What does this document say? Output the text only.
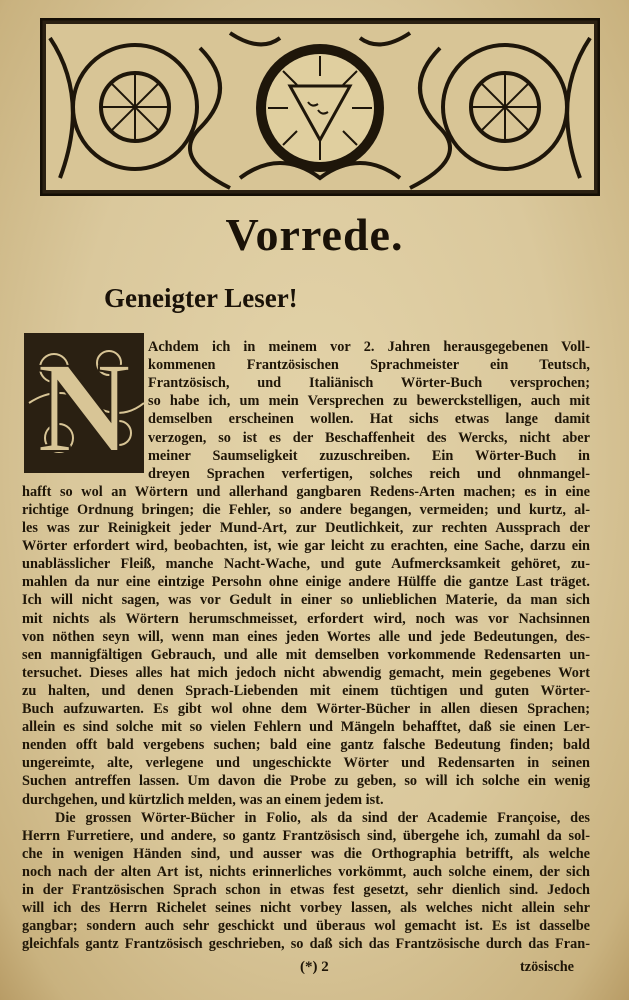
Vorrede.
Geneigter Leser!
N Achdem ich in meinem vor 2. Jahren herausgegebenen Voll-
kommenen Frantzösischen Sprachmeister ein Teutsch,
Frantzösisch, und Italiänisch Wörter-Buch versprochen;
so habe ich, um mein Versprechen zu bewerckstelligen, auch mit
demselben erscheinen wollen. Hat sichs etwas lange damit
verzogen, so ist es der Beschaffenheit des Wercks, nicht aber
meiner Saumseligkeit zuzuschreiben. Ein Wörter-Buch in
dreyen Sprachen verfertigen, solches reich und ohnmangel-
hafft so wol an Wörtern und allerhand gangbaren Redens-Arten machen; es in eine
richtige Ordnung bringen; die Fehler, so andere begangen, vermeiden; und kurtz, al-
les was zur Reinigkeit jeder Mund-Art, zur Deutlichkeit, zur rechten Aussprach der
Wörter erfordert wird, beobachten, ist, wie gar leicht zu erachten, eine Sache, darzu ein
unablässlicher Fleiß, manche Nacht-Wache, und gute Aufmercksamkeit gehöret, zu-
mahlen da nur eine eintzige Persohn ohne einige andere Hülffe die gantze Last träget.
Ich will nicht sagen, was vor Gedult in einer so unlieblichen Materie, da man sich
mit nichts als Wörtern herumschmeisset, erfordert wird, noch was vor Nachsinnen
von nöthen seyn will, wenn man eines jeden Wortes alle und jede Bedeutungen, des-
sen mannigfältigen Gebrauch, und alle mit demselben vorkommende Redensarten un-
tersuchet. Dieses alles hat mich jedoch nicht abwendig gemacht, mein gegebenes Wort
zu halten, und denen Sprach-Liebenden mit einem tüchtigen und guten Wörter-
Buch aufzuwarten. Es gibt wol ohne dem Wörter-Bücher in allen diesen Sprachen;
allein es sind solche mit so vielen Fehlern und Mängeln behafftet, daß sie einen Ler-
nenden offt bald vergebens suchen; bald eine gantz falsche Bedeutung finden; bald
ungereimte, alte, verlegene und ungeschickte Wörter und Redensarten in seinen
Suchen antreffen lassen. Um davon die Probe zu geben, so will ich solche ein wenig
durchgehen, und kürtzlich melden, was an einem jedem ist.
Die grossen Wörter-Bücher in Folio, als da sind der Academie Françoise, des
Herrn Furretiere, und andere, so gantz Frantzösisch sind, übergehe ich, zumahl da sol-
che in wenigen Händen sind, und ausser was die Orthographia betrifft, als welche
noch nach der alten Art ist, nichts erinnerliches vorkömmt, auch solche einem, der sich
in der Frantzösischen Sprach schon in etwas fest gesetzt, sehr dienlich sind. Jedoch
will ich des Herrn Richelet seines nicht vorbey lassen, als welches nicht allein sehr
gangbar; sondern auch sehr geschickt und überaus wol gemacht ist. Es ist dasselbe
gleichfals gantz Frantzösisch geschrieben, so daß sich das Frantzösische durch das Fran-
(*) 2	tzösische
